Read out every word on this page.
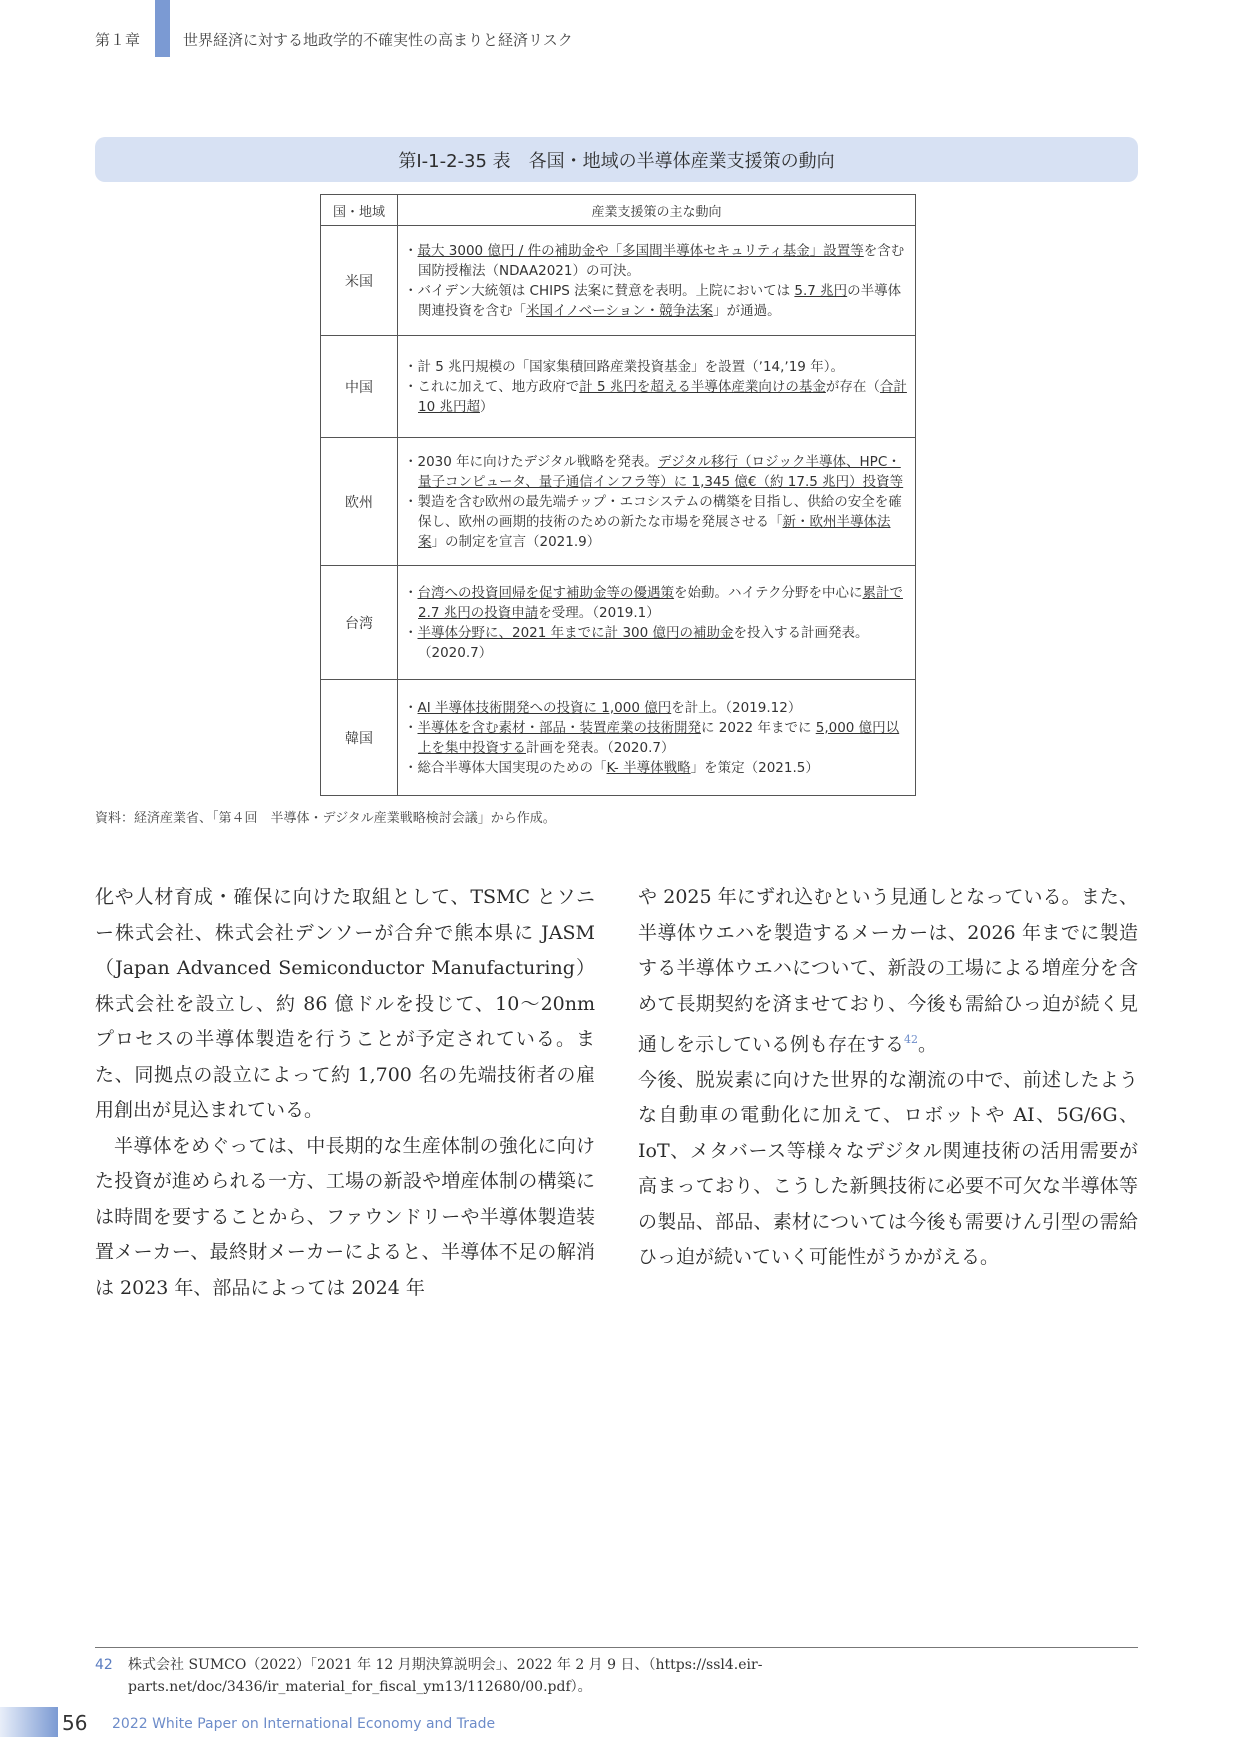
第１章	世界経済に対する地政学的不確実性の高まりと経済リスク
第Ⅰ-1-2-35 表　各国・地域の半導体産業支援策の動向
国・地域	産業支援策の主な動向
米国	・最大 3000 億円 / 件の補助金や「多国間半導体セキュリティ基金」設置等を含む国防授権法（NDAA2021）の可決。
・バイデン大統領は CHIPS 法案に賛意を表明。上院においては 5.7 兆円の半導体関連投資を含む「米国イノベーション・競争法案」が通過。

中国	・計 5 兆円規模の「国家集積回路産業投資基金」を設置（ʼ14,ʼ19 年）。
・これに加えて、地方政府で計 5 兆円を超える半導体産業向けの基金が存在（合計 10 兆円超）

欧州	・2030 年に向けたデジタル戦略を発表。デジタル移行（ロジック半導体、HPC・量子コンピュータ、量子通信インフラ等）に 1,345 億€（約 17.5 兆円）投資等
・製造を含む欧州の最先端チップ・エコシステムの構築を目指し、供給の安全を確保し、欧州の画期的技術のための新たな市場を発展させる「新・欧州半導体法案」の制定を宣言（2021.9）

台湾	・台湾への投資回帰を促す補助金等の優遇策を始動。ハイテク分野を中心に累計で 2.7 兆円の投資申請を受理。（2019.1）
・半導体分野に、2021 年までに計 300 億円の補助金を投入する計画発表。（2020.7）

韓国	・AI 半導体技術開発への投資に 1,000 億円を計上。（2019.12）
・半導体を含む素材・部品・装置産業の技術開発に 2022 年までに 5,000 億円以上を集中投資する計画を発表。（2020.7）
・総合半導体大国実現のための「K- 半導体戦略」を策定（2021.5）
資料：経済産業省、「第４回　半導体・デジタル産業戦略検討会議」から作成。

化や人材育成・確保に向けた取組として、TSMC とソニー株式会社、株式会社デンソーが合弁で熊本県に JASM（Japan Advanced Semiconductor Manufacturing）株式会社を設立し、約 86 億ドルを投じて、10〜20nm プロセスの半導体製造を行うことが予定されている。また、同拠点の設立によって約 1,700 名の先端技術者の雇用創出が見込まれている。

半導体をめぐっては、中長期的な生産体制の強化に向けた投資が進められる一方、工場の新設や増産体制の構築には時間を要することから、ファウンドリーや半導体製造装置メーカー、最終財メーカーによると、半導体不足の解消は 2023 年、部品によっては 2024 年

や 2025 年にずれ込むという見通しとなっている。また、半導体ウエハを製造するメーカーは、2026 年までに製造する半導体ウエハについて、新設の工場による増産分を含めて長期契約を済ませており、今後も需給ひっ迫が続く見通しを示している例も存在する$^{42}$。

今後、脱炭素に向けた世界的な潮流の中で、前述したような自動車の電動化に加えて、ロボットや AI、5G/6G、IoT、メタバース等様々なデジタル関連技術の活用需要が高まっており、こうした新興技術に必要不可欠な半導体等の製品、部品、素材については今後も需要けん引型の需給ひっ迫が続いていく可能性がうかがえる。

42 株式会社 SUMCO（2022）「2021 年 12 月期決算説明会」、2022 年 2 月 9 日、（https://ssl4.eir-parts.net/doc/3436/ir_material_for_fiscal_ym13/112680/00.pdf）。
56 2022 White Paper on International Economy and Trade
